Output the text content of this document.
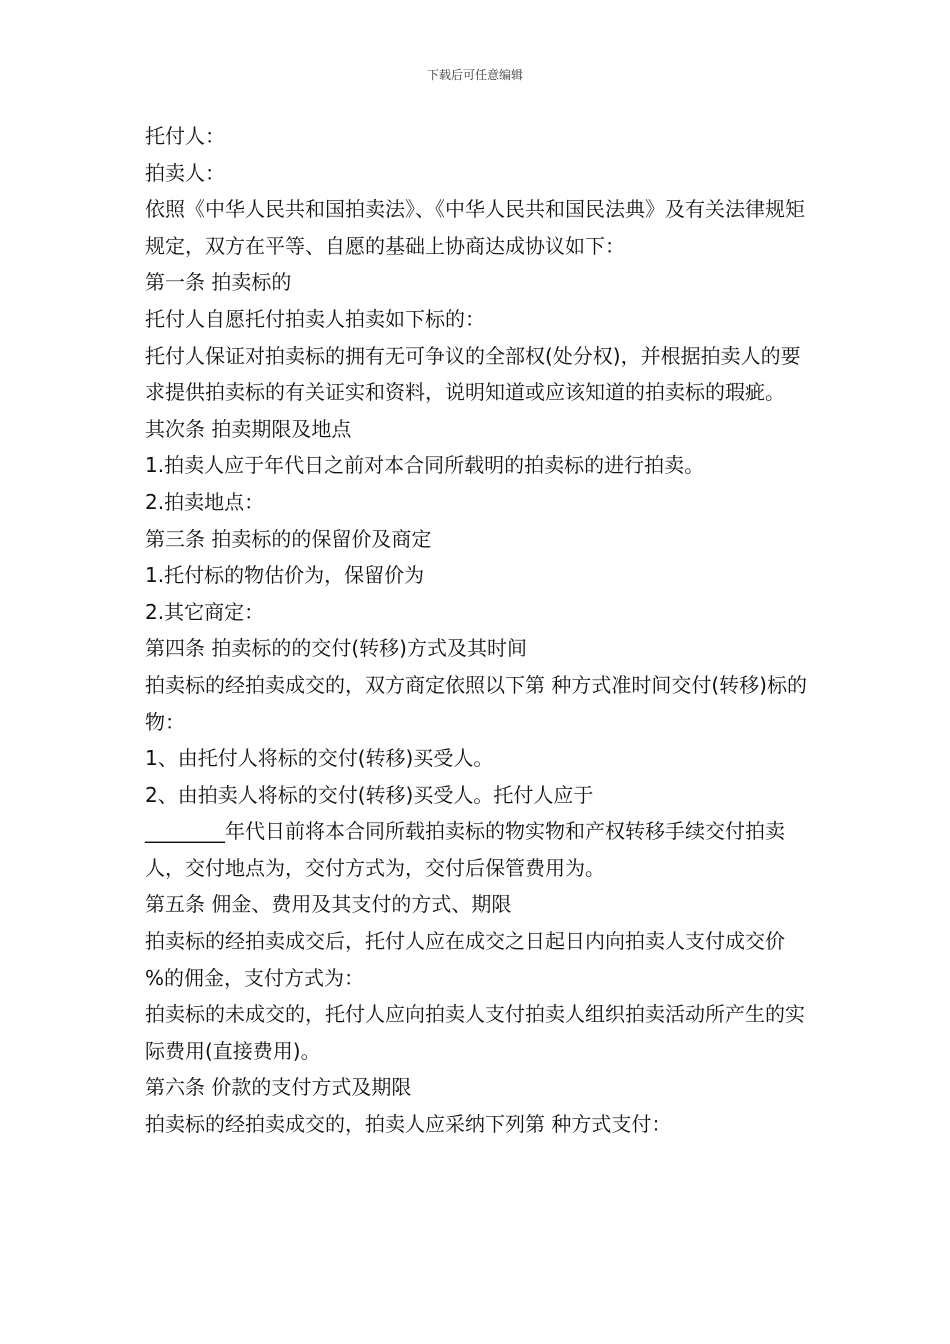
下载后可任意编辑

托付人：

拍卖人：

依照《中华人民共和国拍卖法》、《中华人民共和国民法典》及有关法律规矩规定，双方在平等、自愿的基础上协商达成协议如下：

第一条 拍卖标的

托付人自愿托付拍卖人拍卖如下标的：

托付人保证对拍卖标的拥有无可争议的全部权(处分权)，并根据拍卖人的要求提供拍卖标的有关证实和资料，说明知道或应该知道的拍卖标的瑕疵。

其次条 拍卖期限及地点

1.拍卖人应于年代日之前对本合同所载明的拍卖标的进行拍卖。

2.拍卖地点：

第三条 拍卖标的的保留价及商定

1.托付标的物估价为，保留价为

2.其它商定：

第四条 拍卖标的的交付(转移)方式及其时间

拍卖标的经拍卖成交的，双方商定依照以下第 种方式准时间交付(转移)标的物：

1、由托付人将标的交付(转移)买受人。

2、由拍卖人将标的交付(转移)买受人。托付人应于

________年代日前将本合同所载拍卖标的物实物和产权转移手续交付拍卖人，交付地点为，交付方式为，交付后保管费用为。

第五条 佣金、费用及其支付的方式、期限

拍卖标的经拍卖成交后，托付人应在成交之日起日内向拍卖人支付成交价 %的佣金，支付方式为：

拍卖标的未成交的，托付人应向拍卖人支付拍卖人组织拍卖活动所产生的实际费用(直接费用)。

第六条 价款的支付方式及期限

拍卖标的经拍卖成交的，拍卖人应采纳下列第 种方式支付：
